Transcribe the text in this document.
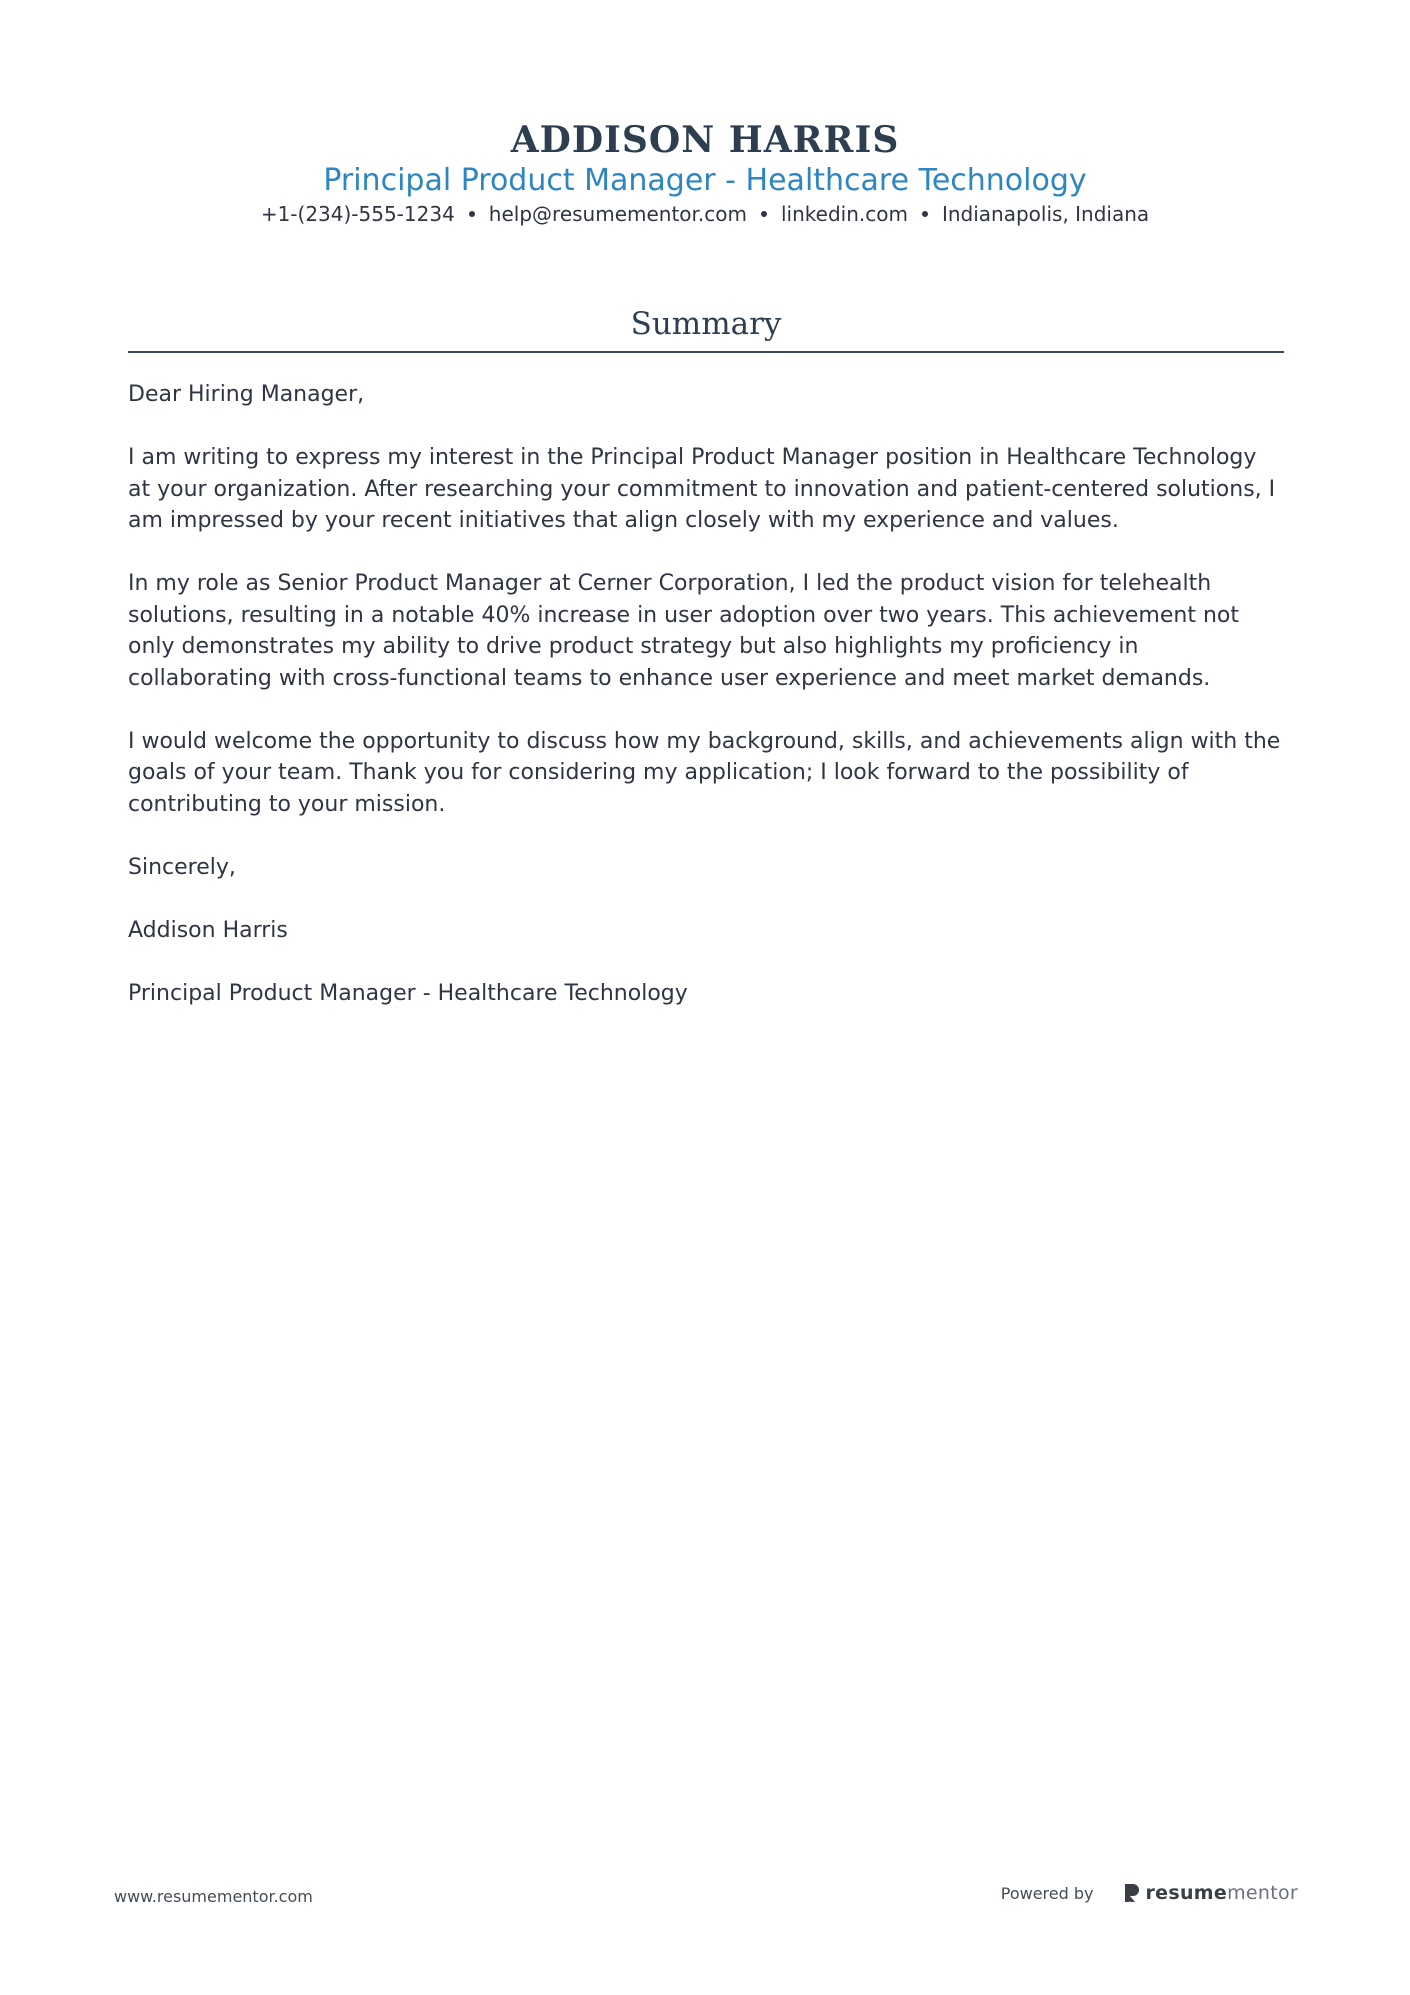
ADDISON HARRIS
Principal Product Manager - Healthcare Technology
+1-(234)-555-1234 help@resumementor.com linkedin.com Indianapolis, Indiana
Summary

Dear Hiring Manager,

I am writing to express my interest in the Principal Product Manager position in Healthcare Technology at your organization. After researching your commitment to innovation and patient-centered solutions, I am impressed by your recent initiatives that align closely with my experience and values.

In my role as Senior Product Manager at Cerner Corporation, I led the product vision for telehealth solutions, resulting in a notable 40% increase in user adoption over two years. This achievement not only demonstrates my ability to drive product strategy but also highlights my proficiency in collaborating with cross-functional teams to enhance user experience and meet market demands.

I would welcome the opportunity to discuss how my background, skills, and achievements align with the goals of your team. Thank you for considering my application; I look forward to the possibility of contributing to your mission.

Sincerely,

Addison Harris

Principal Product Manager - Healthcare Technology

www.resumementor.com	Powered by	resumementor
